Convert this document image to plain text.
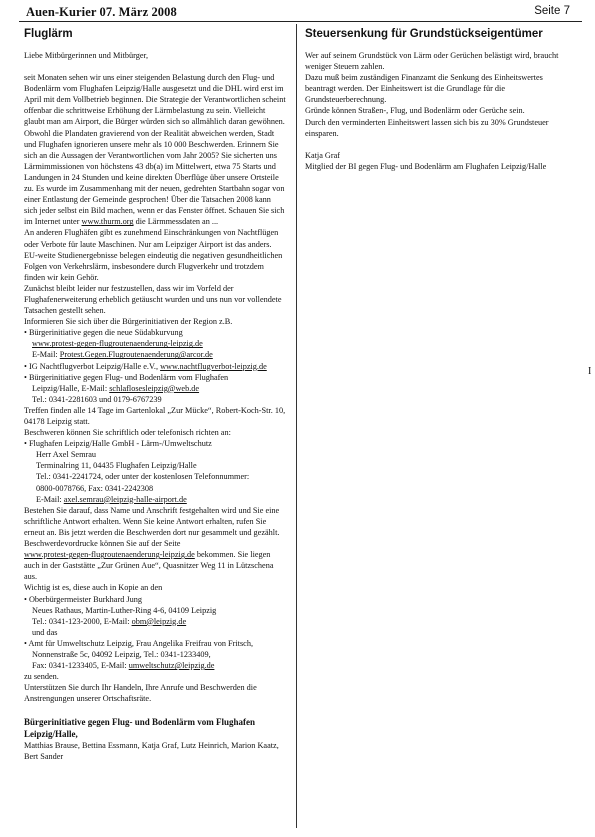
Auen-Kurier 07. März 2008	Seite 7
Fluglärm

Liebe Mitbürgerinnen und Mitbürger,

seit Monaten sehen wir uns einer steigenden Belastung durch den Flug- und Bodenlärm vom Flughafen Leipzig/Halle ausgesetzt und die DHL wird erst im April mit dem Vollbetrieb beginnen. Die Strategie der Verantwortlichen scheint offenbar die schrittweise Erhöhung der Lärmbelastung zu sein. Vielleicht glaubt man am Airport, die Bürger würden sich so allmählich daran gewöhnen.

Obwohl die Plandaten gravierend von der Realität abweichen werden, Stadt und Flughafen ignorieren unsere mehr als 10 000 Beschwerden. Erinnern Sie sich an die Aussagen der Verantwortlichen vom Jahr 2005? Sie sicherten uns Lärmimmissionen von höchstens 43 db(a) im Mittelwert, etwa 75 Starts und Landungen in 24 Stunden und keine direkten Überflüge über unsere Ortsteile zu. Es wurde im Zusammenhang mit der neuen, gedrehten Startbahn sogar von einer Entlastung der Gemeinde gesprochen! Über die Tatsachen 2008 kann sich jeder selbst ein Bild machen, wenn er das Fenster öffnet. Schauen Sie sich im Internet unter www.thurm.org die Lärmmessdaten an ...

An anderen Flughäfen gibt es zunehmend Einschränkungen von Nachtflügen oder Verbote für laute Maschinen. Nur am Leipziger Airport ist das anders. EU-weite Studienergebnisse belegen eindeutig die negativen gesundheitlichen Folgen von Verkehrslärm, insbesondere durch Flugverkehr und trotzdem finden wir kein Gehör.

Zunächst bleibt leider nur festzustellen, dass wir im Vorfeld der Flughafenerweiterung erheblich getäuscht wurden und uns nun vor vollendete Tatsachen gestellt sehen.

Informieren Sie sich über die Bürgerinitiativen der Region z.B.

• Bürgerinitiative gegen die neue Südabkurvung

www.protest-gegen-flugroutenaenderung-leipzig.de

E-Mail: Protest.Gegen.Flugroutenaenderung@arcor.de

• IG Nachtflugverbot Leipzig/Halle e.V., www.nachtflugverbot-leipzig.de

• Bürgerinitiative gegen Flug- und Bodenlärm vom Flughafen

Leipzig/Halle, E-Mail: schlaflosesleipzig@web.de

Tel.: 0341-2281603 und 0179-6767239

Treffen finden alle 14 Tage im Gartenlokal „Zur Mücke“, Robert-Koch-Str. 10, 04178 Leipzig statt.

Beschweren können Sie schriftlich oder telefonisch richten an:

• Flughafen Leipzig/Halle GmbH - Lärm-/Umweltschutz

Herr Axel Semrau

Terminalring 11, 04435 Flughafen Leipzig/Halle

Tel.: 0341-2241724, oder unter der kostenlosen Telefonnummer:

0800-0078766, Fax: 0341-2242308

E-Mail: axel.semrau@leipzig-halle-airport.de

Bestehen Sie darauf, dass Name und Anschrift festgehalten wird und Sie eine schriftliche Antwort erhalten. Wenn Sie keine Antwort erhalten, rufen Sie erneut an. Bis jetzt werden die Beschwerden dort nur gesammelt und gezählt.

Beschwerdevordrucke können Sie auf der Seite
www.protest-gegen-flugroutenaenderung-leipzig.de bekommen. Sie liegen auch in der Gaststätte „Zur Grünen Aue“, Quasnitzer Weg 11 in Lützschena aus.

Wichtig ist es, diese auch in Kopie an den

• Oberbürgermeister Burkhard Jung

Neues Rathaus, Martin-Luther-Ring 4-6, 04109 Leipzig

Tel.: 0341-123-2000, E-Mail: obm@leipzig.de

und das

• Amt für Umweltschutz Leipzig, Frau Angelika Freifrau von Fritsch,

Nonnenstraße 5c, 04092 Leipzig, Tel.: 0341-1233409,

Fax: 0341-1233405, E-Mail: umweltschutz@leipzig.de

zu senden.

Unterstützen Sie durch Ihr Handeln, Ihre Anrufe und Beschwerden die Anstrengungen unserer Ortschaftsräte.

Bürgerinitiative gegen Flug- und Bodenlärm vom Flughafen Leipzig/Halle,

Matthias Brause, Bettina Essmann, Katja Graf, Lutz Heinrich, Marion Kaatz, Bert Sander

Steuersenkung für Grundstückseigentümer

Wer auf seinem Grundstück von Lärm oder Gerüchen belästigt wird, braucht weniger Steuern zahlen.

Dazu muß beim zuständigen Finanzamt die Senkung des Einheitswertes beantragt werden. Der Einheitswert ist die Grundlage für die Grundsteuerberechnung.

Gründe können Straßen-, Flug, und Bodenlärm oder Gerüche sein.

Durch den verminderten Einheitswert lassen sich bis zu 30% Grundsteuer einsparen.

Katja Graf

Mitglied der BI gegen Flug- und Bodenlärm am Flughafen Leipzig/Halle

I
